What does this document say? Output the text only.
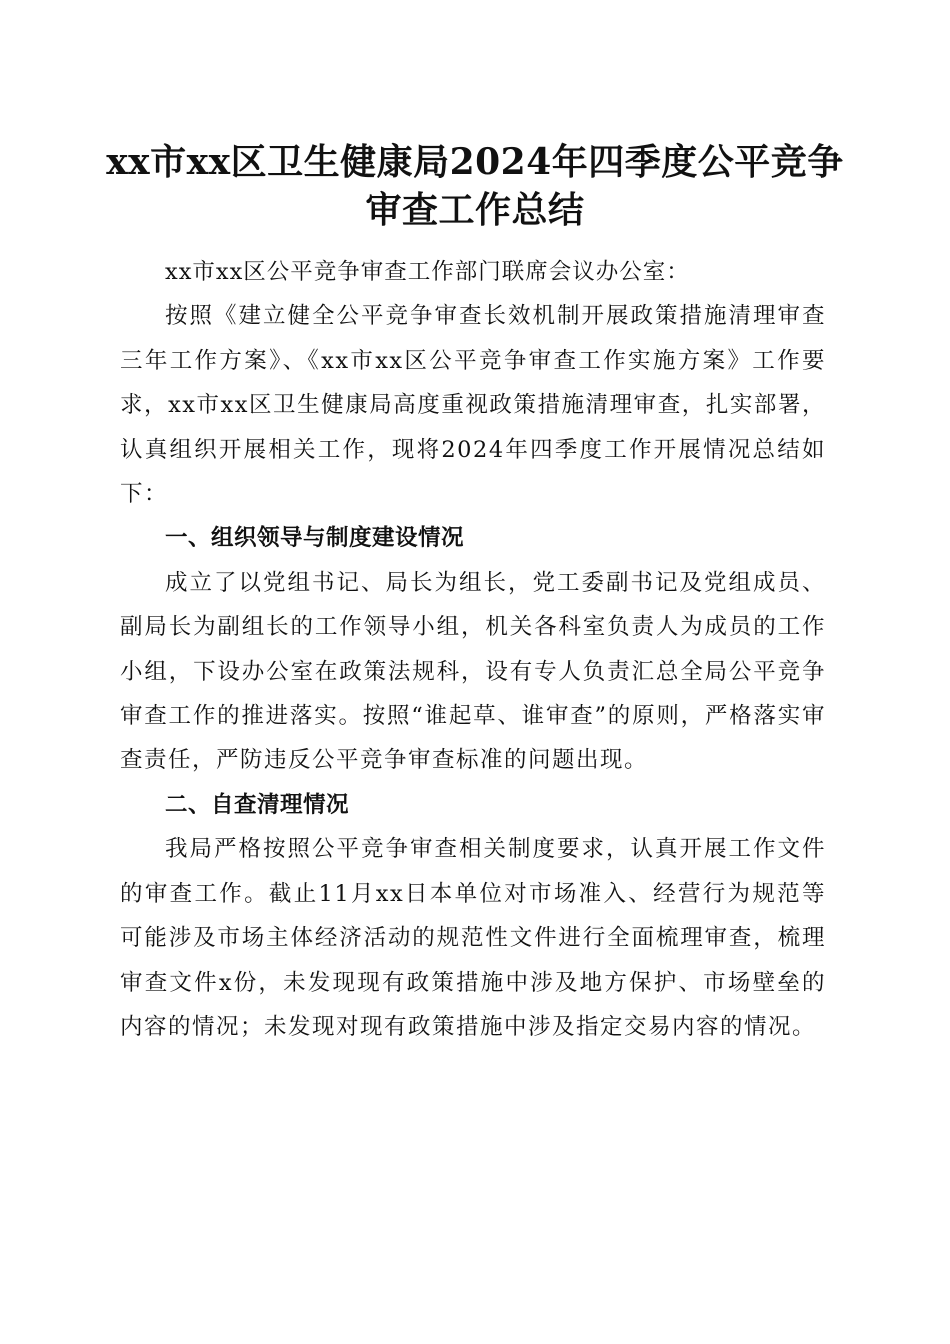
xx市xx区卫生健康局2024年四季度公平竞争
审查工作总结

xx市xx区公平竞争审查工作部门联席会议办公室：

按照《建立健全公平竞争审查长效机制开展政策措施清理审查三年工作方案》、《xx市xx区公平竞争审查工作实施方案》工作要求，xx市xx区卫生健康局高度重视政策措施清理审查，扎实部署，认真组织开展相关工作，现将2024年四季度工作开展情况总结如下：

一、组织领导与制度建设情况

成立了以党组书记、局长为组长，党工委副书记及党组成员、副局长为副组长的工作领导小组，机关各科室负责人为成员的工作小组，下设办公室在政策法规科，设有专人负责汇总全局公平竞争审查工作的推进落实。按照“谁起草、谁审查”的原则，严格落实审查责任，严防违反公平竞争审查标准的问题出现。

二、自查清理情况

我局严格按照公平竞争审查相关制度要求，认真开展工作文件的审查工作。截止11月xx日本单位对市场准入、经营行为规范等可能涉及市场主体经济活动的规范性文件进行全面梳理审查，梳理审查文件x份，未发现现有政策措施中涉及地方保护、市场壁垒的内容的情况；未发现对现有政策措施中涉及指定交易内容的情况。
